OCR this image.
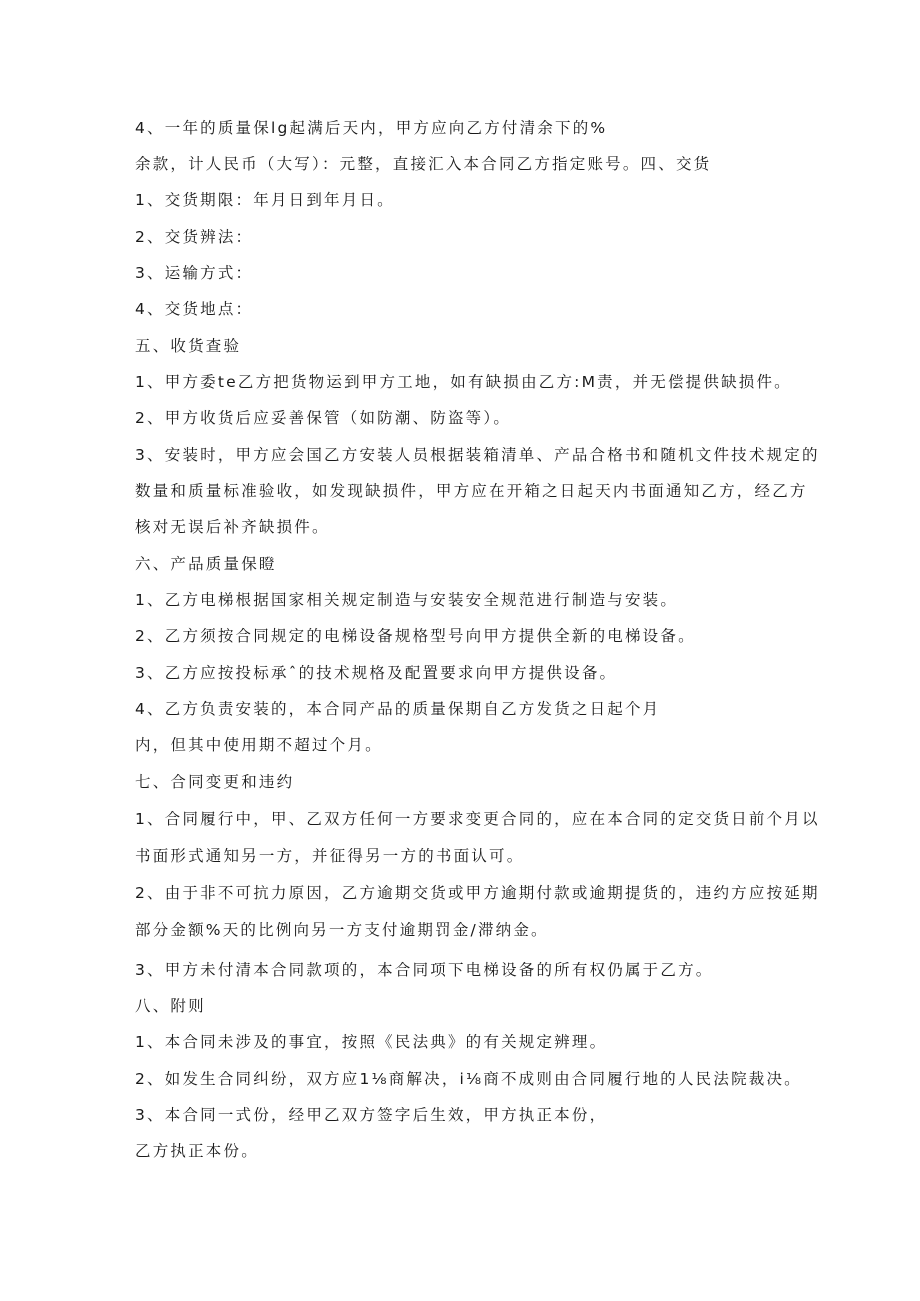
4、一年的质量保lg起满后天内，甲方应向乙方付清余下的%
余款，计人民币（大写）：元整，直接汇入本合同乙方指定账号。四、交货
1、交货期限：年月日到年月日。
2、交货辨法：
3、运输方式：
4、交货地点：
五、收货查验
1、甲方委te乙方把货物运到甲方工地，如有缺损由乙方:M责，并无偿提供缺损件。
2、甲方收货后应妥善保管（如防潮、防盗等）。
3、安装时，甲方应会国乙方安装人员根据装箱清单、产品合格书和随机文件技术规定的
数量和质量标准验收，如发现缺损件，甲方应在开箱之日起天内书面通知乙方，经乙方
核对无误后补齐缺损件。
六、产品质量保瞪
1、乙方电梯根据国家相关规定制造与安装安全规范进行制造与安装。
2、乙方须按合同规定的电梯设备规格型号向甲方提供全新的电梯设备。
3、乙方应按投标承ˆ的技术规格及配置要求向甲方提供设备。
4、乙方负责安装的，本合同产品的质量保期自乙方发货之日起个月
内，但其中使用期不超过个月。
七、合同变更和违约
1、合同履行中，甲、乙双方任何一方要求变更合同的，应在本合同的定交货日前个月以
书面形式通知另一方，并征得另一方的书面认可。
2、由于非不可抗力原因，乙方逾期交货或甲方逾期付款或逾期提货的，违约方应按延期
部分金额%天的比例向另一方支付逾期罚金/滞纳金。
3、甲方未付清本合同款项的，本合同项下电梯设备的所有权仍属于乙方。
八、附则
1、本合同未涉及的事宜，按照《民法典》的有关规定辨理。
2、如发生合同纠纷，双方应1⅛商解决，i⅛商不成则由合同履行地的人民法院裁决。
3、本合同一式份，经甲乙双方签字后生效，甲方执正本份，
乙方执正本份。
